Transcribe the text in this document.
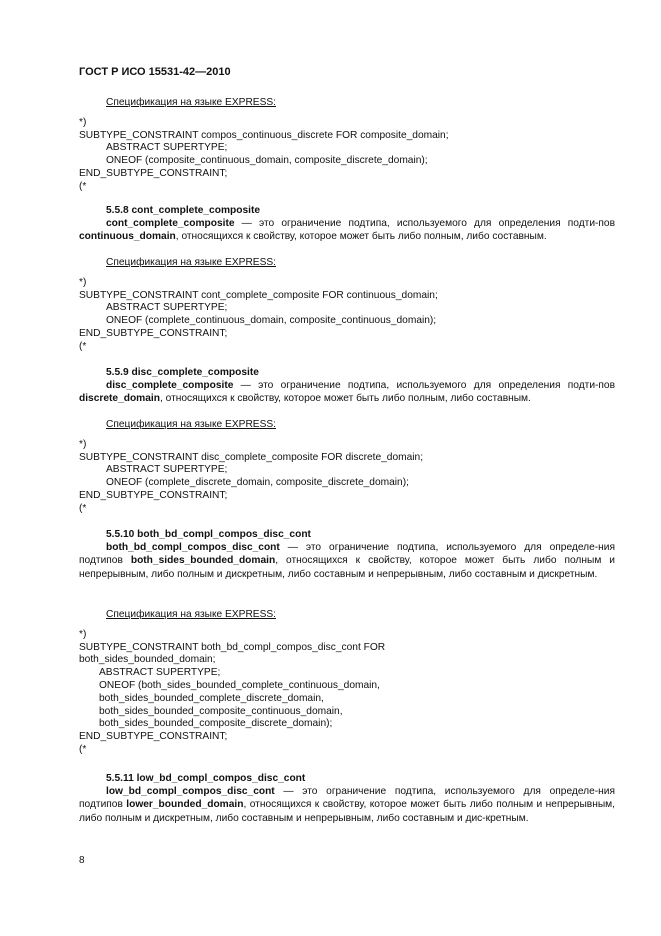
ГОСТ Р ИСО 15531-42—2010
Спецификация на языке EXPRESS:
*)
SUBTYPE_CONSTRAINT compos_continuous_discrete FOR composite_domain;
ABSTRACT SUPERTYPE;
ONEOF (composite_continuous_domain, composite_discrete_domain);
END_SUBTYPE_CONSTRAINT;
(*
5.5.8 cont_complete_composite

cont_complete_composite — это ограничение подтипа, используемого для определения подти-пов continuous_domain, относящихся к свойству, которое может быть либо полным, либо составным.

Спецификация на языке EXPRESS:
*)
SUBTYPE_CONSTRAINT cont_complete_composite FOR continuous_domain;
ABSTRACT SUPERTYPE;
ONEOF (complete_continuous_domain, composite_continuous_domain);
END_SUBTYPE_CONSTRAINT;
(*
5.5.9 disc_complete_composite

disc_complete_composite — это ограничение подтипа, используемого для определения подти-пов discrete_domain, относящихся к свойству, которое может быть либо полным, либо составным.

Спецификация на языке EXPRESS:
*)
SUBTYPE_CONSTRAINT disc_complete_composite FOR discrete_domain;
ABSTRACT SUPERTYPE;
ONEOF (complete_discrete_domain, composite_discrete_domain);
END_SUBTYPE_CONSTRAINT;
(*
5.5.10 both_bd_compl_compos_disc_cont

both_bd_compl_compos_disc_cont — это ограничение подтипа, используемого для определе-ния подтипов both_sides_bounded_domain, относящихся к свойству, которое может быть либо полным и непрерывным, либо полным и дискретным, либо составным и непрерывным, либо составным и дискретным.

Спецификация на языке EXPRESS:
*)
SUBTYPE_CONSTRAINT both_bd_compl_compos_disc_cont FOR
both_sides_bounded_domain;
ABSTRACT SUPERTYPE;
ONEOF (both_sides_bounded_complete_continuous_domain,
both_sides_bounded_complete_discrete_domain,
both_sides_bounded_composite_continuous_domain,
both_sides_bounded_composite_discrete_domain);
END_SUBTYPE_CONSTRAINT;
(*
5.5.11 low_bd_compl_compos_disc_cont

low_bd_compl_compos_disc_cont — это ограничение подтипа, используемого для определе-ния подтипов lower_bounded_domain, относящихся к свойству, которое может быть либо полным и непрерывным, либо полным и дискретным, либо составным и непрерывным, либо составным и дис-кретным.

8
